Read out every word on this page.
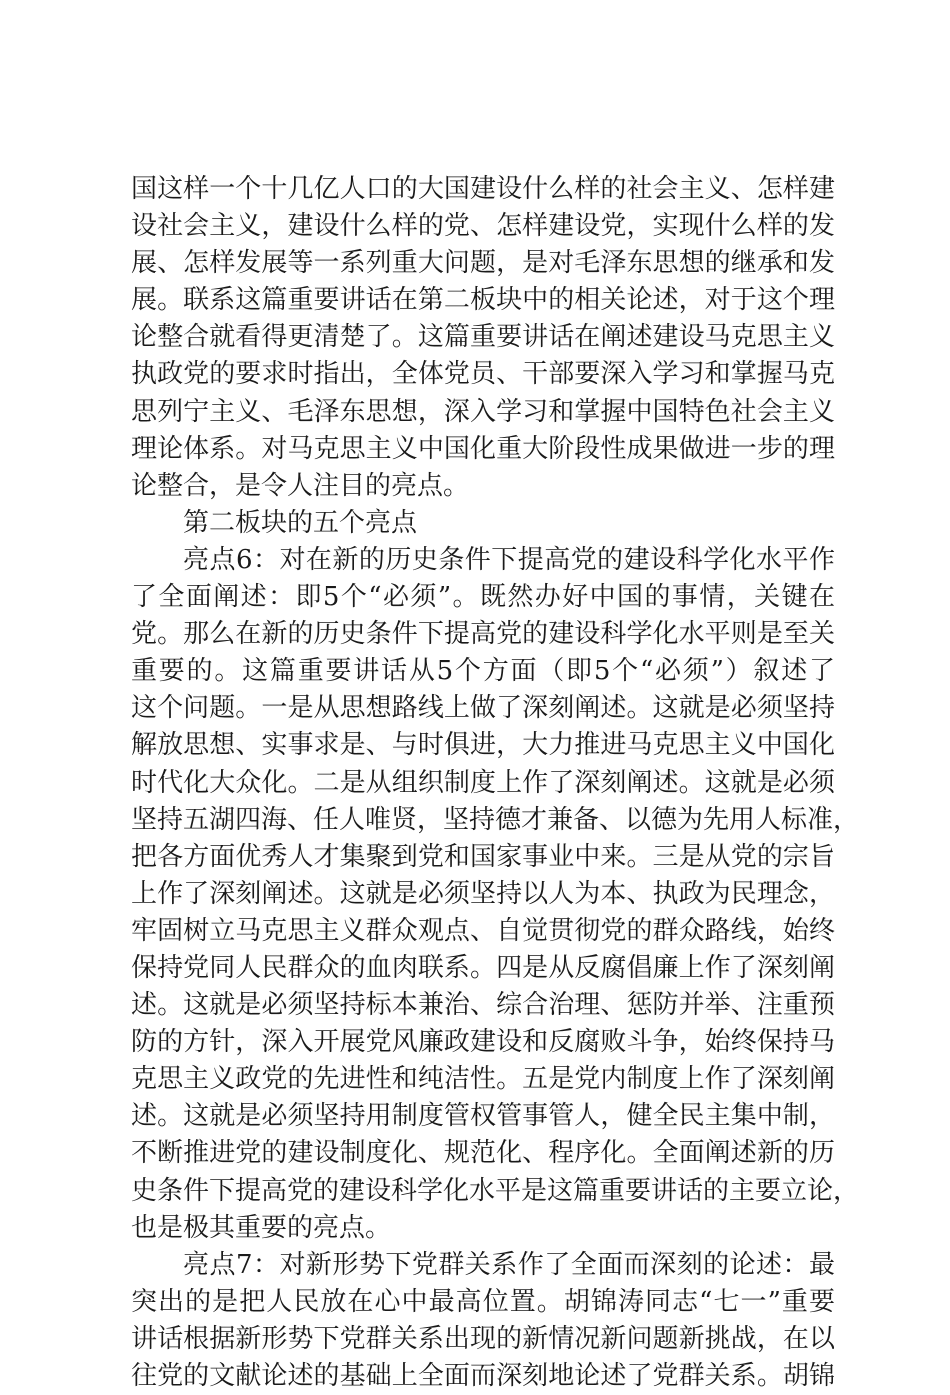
国这样一个十几亿人口的大国建设什么样的社会主义、怎样建
设社会主义，建设什么样的党、怎样建设党，实现什么样的发
展、怎样发展等一系列重大问题，是对毛泽东思想的继承和发
展。联系这篇重要讲话在第二板块中的相关论述，对于这个理
论整合就看得更清楚了。这篇重要讲话在阐述建设马克思主义
执政党的要求时指出，全体党员、干部要深入学习和掌握马克
思列宁主义、毛泽东思想，深入学习和掌握中国特色社会主义
理论体系。对马克思主义中国化重大阶段性成果做进一步的理
论整合，是令人注目的亮点。
第二板块的五个亮点
亮点6：对在新的历史条件下提高党的建设科学化水平作
了全面阐述：即5个“必须”。既然办好中国的事情，关键在
党。那么在新的历史条件下提高党的建设科学化水平则是至关
重要的。这篇重要讲话从5个方面（即5个“必须”）叙述了
这个问题。一是从思想路线上做了深刻阐述。这就是必须坚持
解放思想、实事求是、与时俱进，大力推进马克思主义中国化
时代化大众化。二是从组织制度上作了深刻阐述。这就是必须
坚持五湖四海、任人唯贤，坚持德才兼备、以德为先用人标准，
把各方面优秀人才集聚到党和国家事业中来。三是从党的宗旨
上作了深刻阐述。这就是必须坚持以人为本、执政为民理念，
牢固树立马克思主义群众观点、自觉贯彻党的群众路线，始终
保持党同人民群众的血肉联系。四是从反腐倡廉上作了深刻阐
述。这就是必须坚持标本兼治、综合治理、惩防并举、注重预
防的方针，深入开展党风廉政建设和反腐败斗争，始终保持马
克思主义政党的先进性和纯洁性。五是党内制度上作了深刻阐
述。这就是必须坚持用制度管权管事管人，健全民主集中制，
不断推进党的建设制度化、规范化、程序化。全面阐述新的历
史条件下提高党的建设科学化水平是这篇重要讲话的主要立论，
也是极其重要的亮点。
亮点7：对新形势下党群关系作了全面而深刻的论述：最
突出的是把人民放在心中最高位置。胡锦涛同志“七一”重要
讲话根据新形势下党群关系出现的新情况新问题新挑战，在以
往党的文献论述的基础上全面而深刻地论述了党群关系。胡锦
